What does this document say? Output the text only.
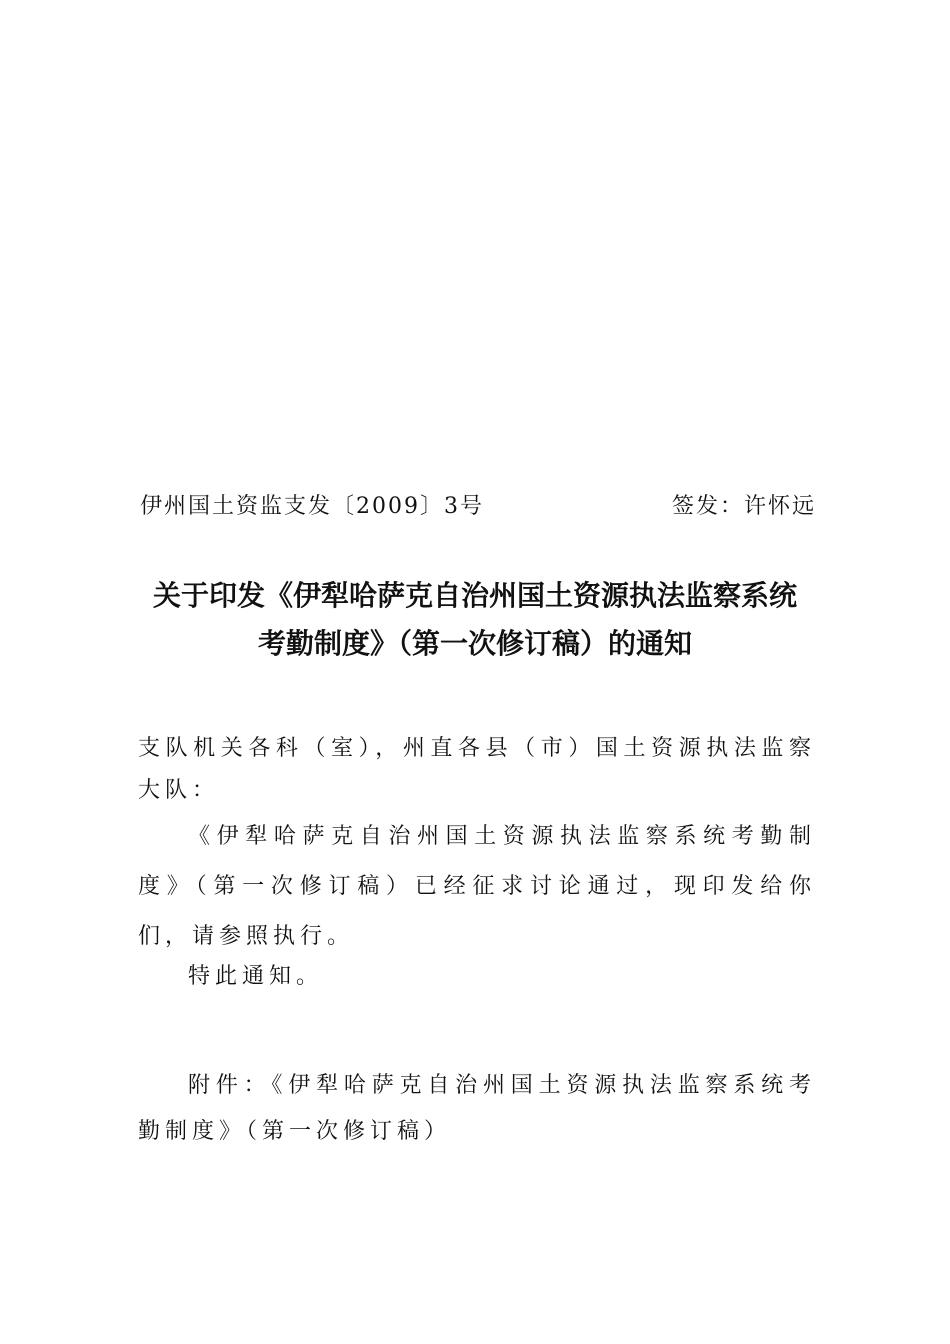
伊州国土资监支发〔2009〕3号	签发：许怀远
关于印发《伊犁哈萨克自治州国土资源执法监察系统
考勤制度》（第一次修订稿）的通知
支队机关各科（室），州直各县（市）国土资源执法监察大队：
《伊犁哈萨克自治州国土资源执法监察系统考勤制度》（第一次修订稿）已经征求讨论通过，现印发给你们，请参照执行。
特此通知。
附件：《伊犁哈萨克自治州国土资源执法监察系统考勤制度》（第一次修订稿）
